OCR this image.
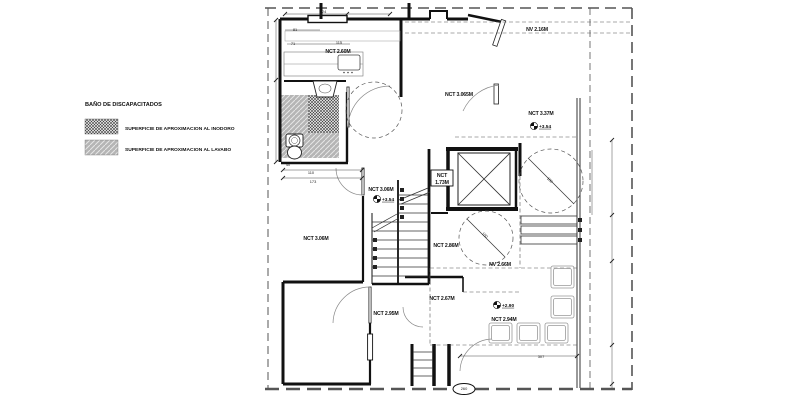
BAÑO DE DISCAPACITADOS
SUPERFICIE DE APROXIMACION AL INODORO
SUPERFICIE DE APROXIMACION AL LAVABO
NCT 2.60M
NV 2.16M
NCT 3.065M
NCT 3.37M
NCT 3.06M
NCT
1.73M
NCT 3.06M
NCT 2.86M
NV 2.66M
NCT 2.67M
NCT 2.95M
NCT 2.94M
+3.54
+3.54
+2.90
224
81
71	115
40
110
173	150
150
307
260
